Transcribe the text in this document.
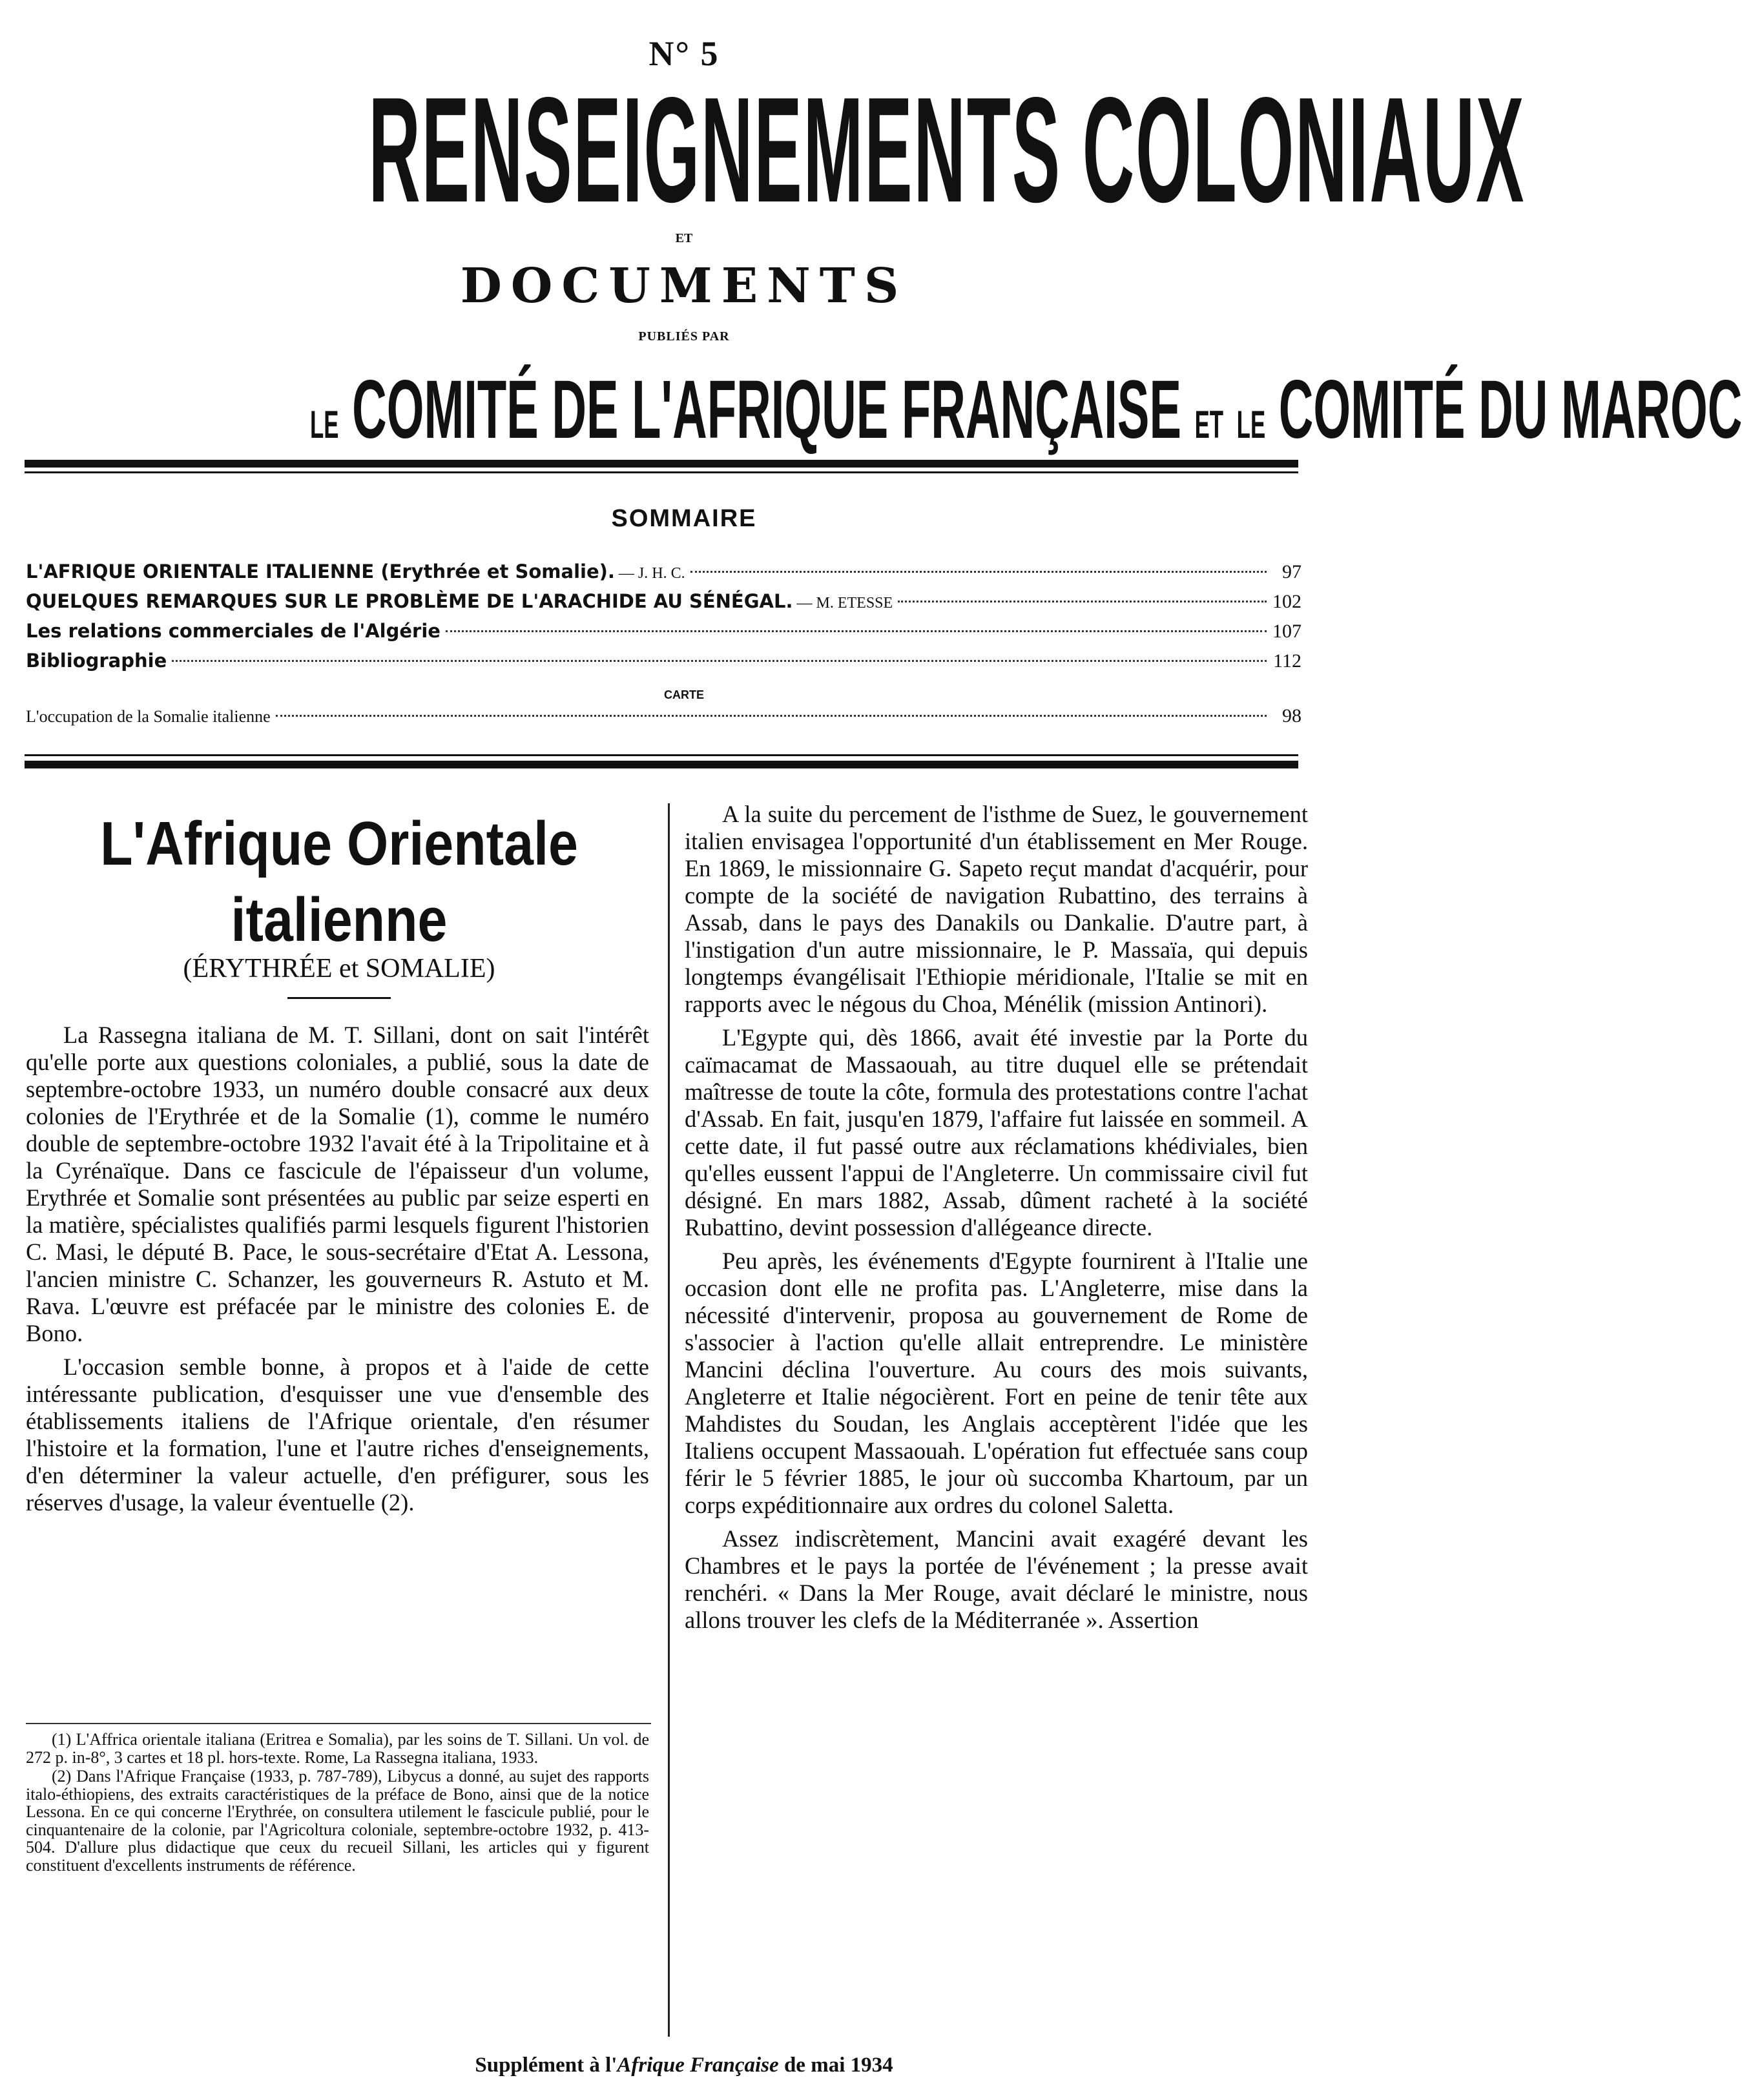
N° 5
RENSEIGNEMENTS COLONIAUX
ET
DOCUMENTS
PUBLIÉS PAR
LE COMITÉ DE L'AFRIQUE FRANÇAISE ET LE COMITÉ DU MAROC
SOMMAIRE
L'AFRIQUE ORIENTALE ITALIENNE (Erythrée et Somalie). — J. H. C.	97
QUELQUES REMARQUES SUR LE PROBLÈME DE L'ARACHIDE AU SÉNÉGAL. — M. ETESSE	102
Les relations commerciales de l'Algérie	107
Bibliographie	112
CARTE
L'occupation de la Somalie italienne	98
L'Afrique Orientale
italienne
(ÉRYTHRÉE et SOMALIE)

La Rassegna italiana de M. T. Sillani, dont on sait l'intérêt qu'elle porte aux questions coloniales, a publié, sous la date de septembre-octobre 1933, un numéro double consacré aux deux colonies de l'Erythrée et de la Somalie (1), comme le numéro double de septembre-octobre 1932 l'avait été à la Tripolitaine et à la Cyrénaïque. Dans ce fascicule de l'épaisseur d'un volume, Erythrée et Somalie sont présentées au public par seize esperti en la matière, spécialistes qualifiés parmi lesquels figurent l'historien C. Masi, le député B. Pace, le sous-secrétaire d'Etat A. Lessona, l'ancien ministre C. Schanzer, les gouverneurs R. Astuto et M. Rava. L'œuvre est préfacée par le ministre des colonies E. de Bono.

L'occasion semble bonne, à propos et à l'aide de cette intéressante publication, d'esquisser une vue d'ensemble des établissements italiens de l'Afrique orientale, d'en résumer l'histoire et la formation, l'une et l'autre riches d'enseignements, d'en déterminer la valeur actuelle, d'en préfigurer, sous les réserves d'usage, la valeur éventuelle (2).

(1) L'Affrica orientale italiana (Eritrea e Somalia), par les soins de T. Sillani. Un vol. de 272 p. in-8°, 3 cartes et 18 pl. hors-texte. Rome, La Rassegna italiana, 1933.

(2) Dans l'Afrique Française (1933, p. 787-789), Libycus a donné, au sujet des rapports italo-éthiopiens, des extraits caractéristiques de la préface de Bono, ainsi que de la notice Lessona. En ce qui concerne l'Erythrée, on consultera utilement le fascicule publié, pour le cinquantenaire de la colonie, par l'Agricoltura coloniale, septembre-octobre 1932, p. 413-504. D'allure plus didactique que ceux du recueil Sillani, les articles qui y figurent constituent d'excellents instruments de référence.

A la suite du percement de l'isthme de Suez, le gouvernement italien envisagea l'opportunité d'un établissement en Mer Rouge. En 1869, le missionnaire G. Sapeto reçut mandat d'acquérir, pour compte de la société de navigation Rubattino, des terrains à Assab, dans le pays des Danakils ou Dankalie. D'autre part, à l'instigation d'un autre missionnaire, le P. Massaïa, qui depuis longtemps évangélisait l'Ethiopie méridionale, l'Italie se mit en rapports avec le négous du Choa, Ménélik (mission Antinori).

L'Egypte qui, dès 1866, avait été investie par la Porte du caïmacamat de Massaouah, au titre duquel elle se prétendait maîtresse de toute la côte, formula des protestations contre l'achat d'Assab. En fait, jusqu'en 1879, l'affaire fut laissée en sommeil. A cette date, il fut passé outre aux réclamations khédiviales, bien qu'elles eussent l'appui de l'Angleterre. Un commissaire civil fut désigné. En mars 1882, Assab, dûment racheté à la société Rubattino, devint possession d'allégeance directe.

Peu après, les événements d'Egypte fournirent à l'Italie une occasion dont elle ne profita pas. L'Angleterre, mise dans la nécessité d'intervenir, proposa au gouvernement de Rome de s'associer à l'action qu'elle allait entreprendre. Le ministère Mancini déclina l'ouverture. Au cours des mois suivants, Angleterre et Italie négocièrent. Fort en peine de tenir tête aux Mahdistes du Soudan, les Anglais acceptèrent l'idée que les Italiens occupent Massaouah. L'opération fut effectuée sans coup férir le 5 février 1885, le jour où succomba Khartoum, par un corps expéditionnaire aux ordres du colonel Saletta.

Assez indiscrètement, Mancini avait exagéré devant les Chambres et le pays la portée de l'événement ; la presse avait renchéri. « Dans la Mer Rouge, avait déclaré le ministre, nous allons trouver les clefs de la Méditerranée ». Assertion

Supplément à l'Afrique Française de mai 1934
